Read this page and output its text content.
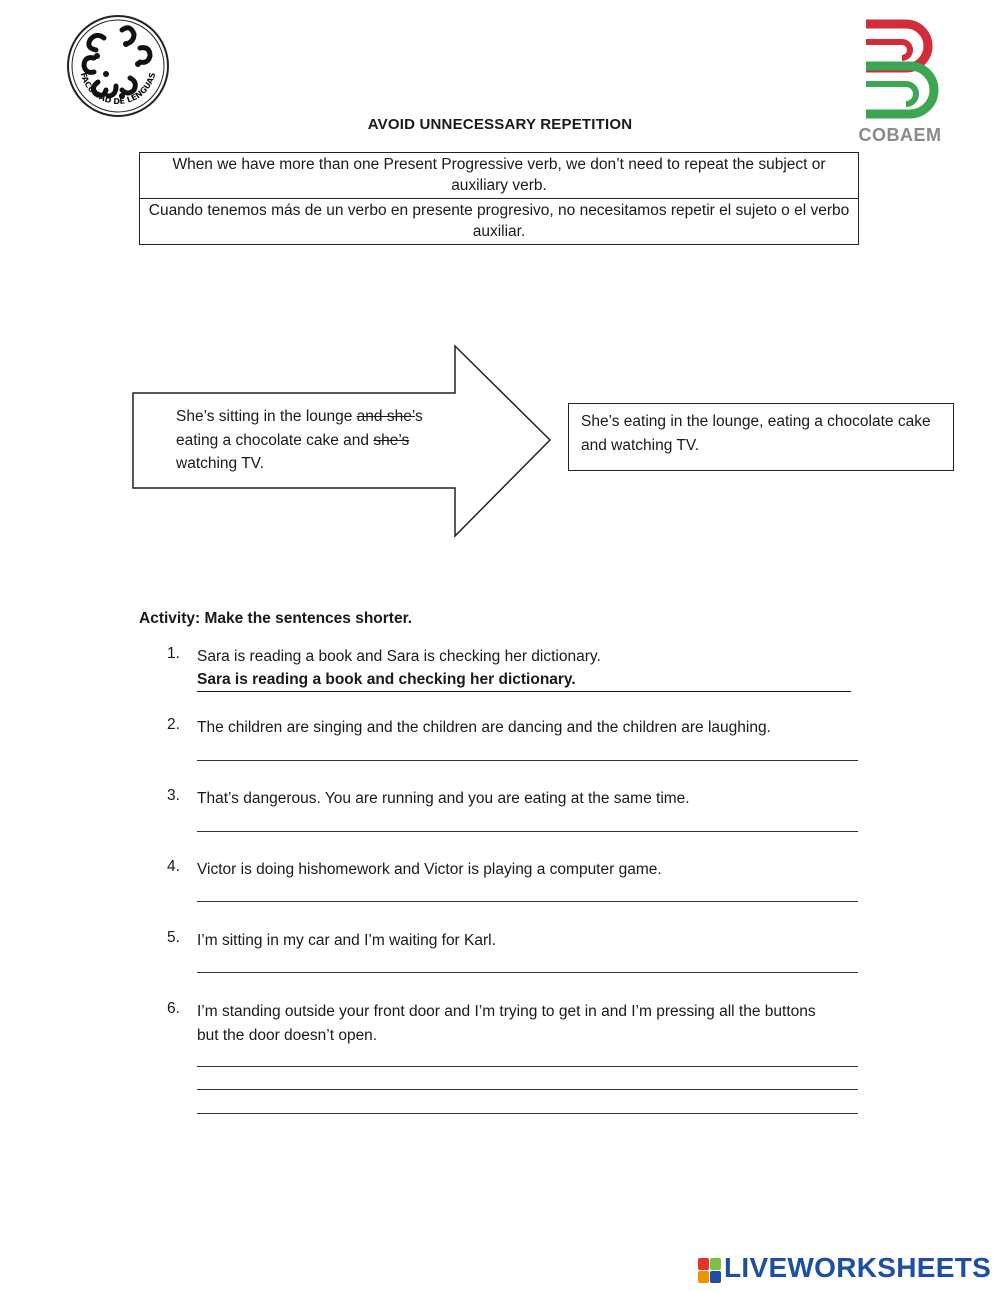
FACULTAD DE LENGUAS
COBAEM
AVOID UNNECESSARY REPETITION
When we have more than one Present Progressive verb, we don’t need to repeat the subject or auxiliary verb.
Cuando tenemos más de un verbo en presente progresivo, no necesitamos repetir el sujeto o el verbo auxiliar.
She’s sitting in the lounge and she’s
eating a chocolate cake and she’s
watching TV.
She’s eating in the lounge, eating a chocolate cake and watching TV.
Activity: Make the sentences shorter.
1.	Sara is reading a book and Sara is checking her dictionary.
Sara is reading a book and checking her dictionary.
2.	The children are singing and the children are dancing and the children are laughing.
3.	That’s dangerous. You are running and you are eating at the same time.
4.	Victor is doing hishomework and Victor is playing a computer game.
5.	I’m sitting in my car and I’m waiting for Karl.
6.	I’m standing outside your front door and I’m trying to get in and I’m pressing all the buttons but the door doesn’t open.
LIVEWORKSHEETS
